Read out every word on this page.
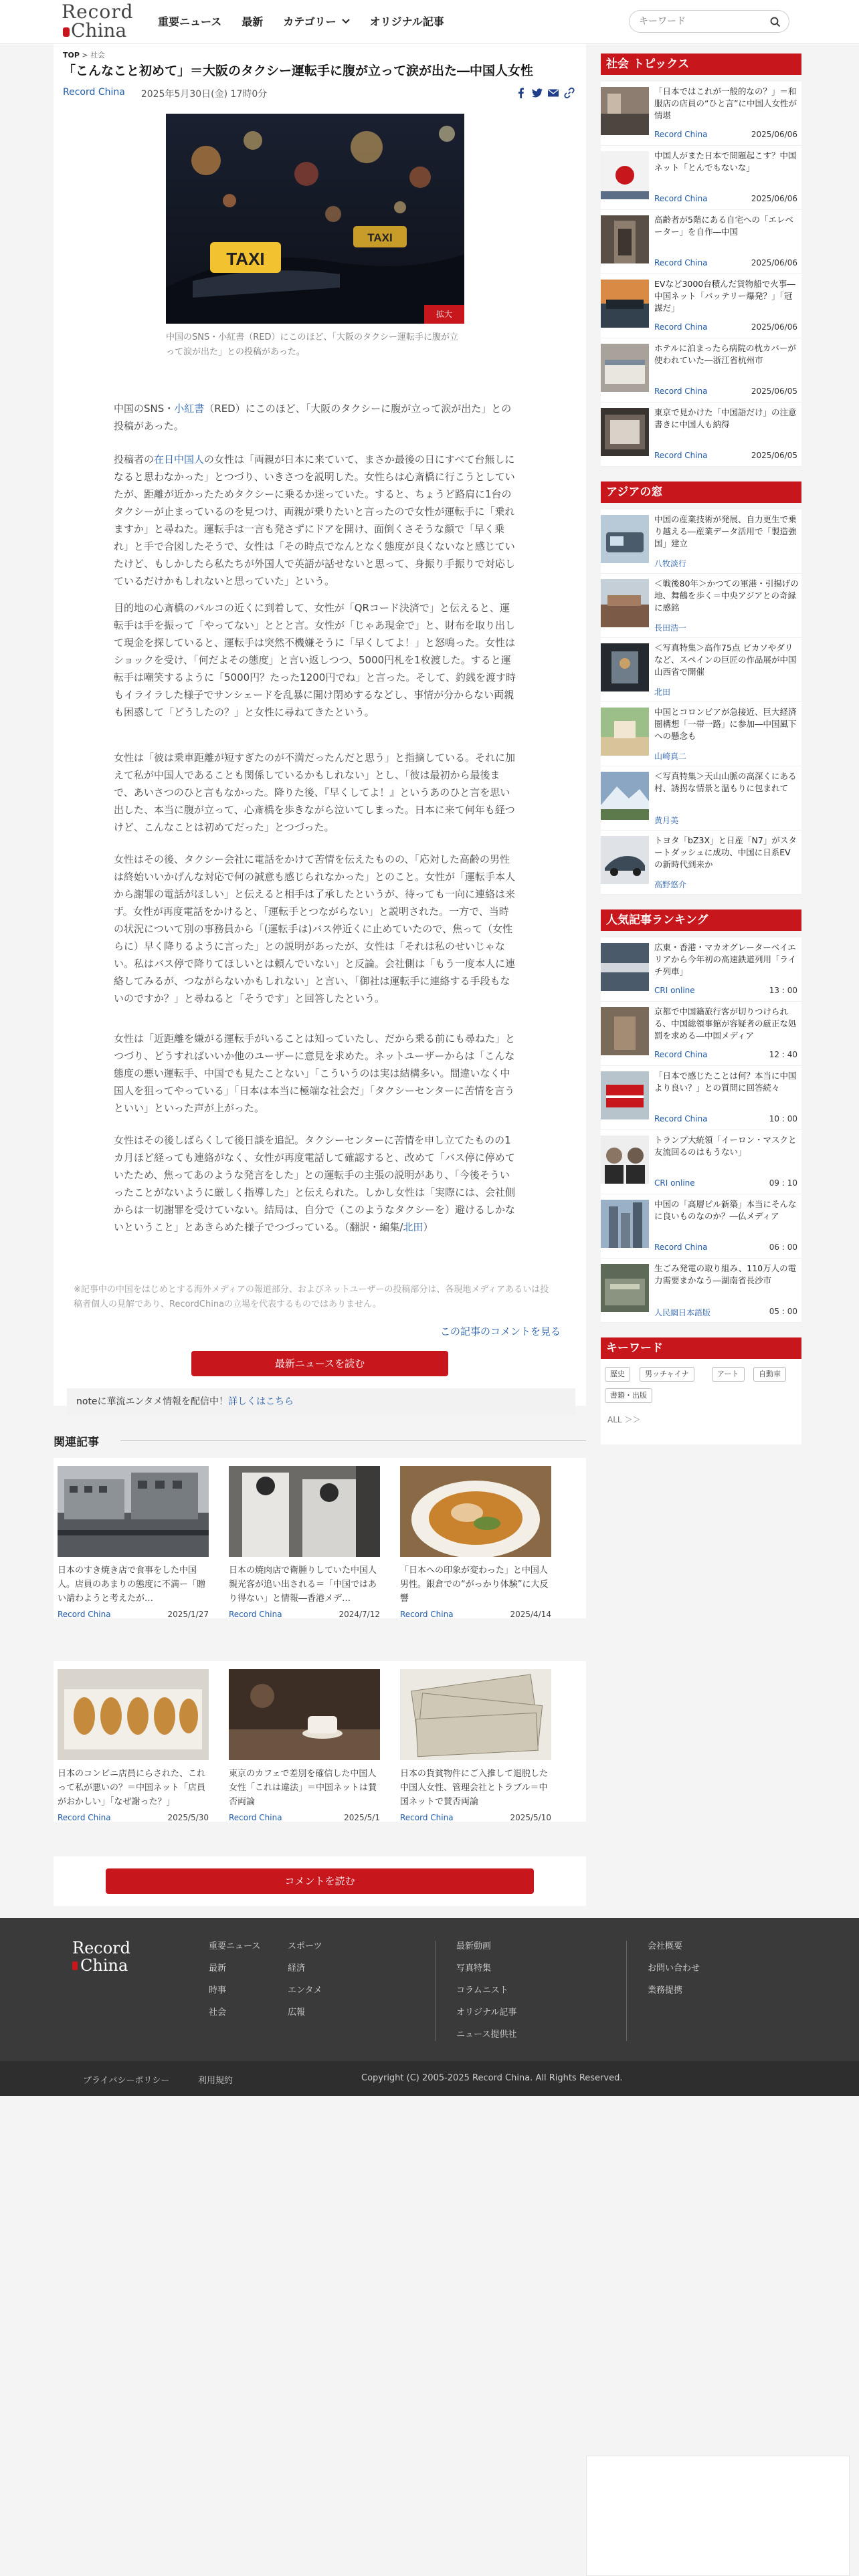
Record
China	重要ニュース 最新 カテゴリー	オリジナル記事
キーワード
TOP > 社会
「こんなこと初めて」＝大阪のタクシー運転手に腹が立って涙が出た―中国人女性
Record China 2025年5月30日(金) 17時0分
TAXI
TAXI
拡大
中国のSNS・小紅書（RED）にこのほど、「大阪のタクシー運転手に腹が立って涙が出た」との投稿があった。
中国のSNS・小紅書（RED）にこのほど、「大阪のタクシーに腹が立って涙が出た」との投稿があった。
投稿者の在日中国人の女性は「両親が日本に来ていて、まさか最後の日にすべて台無しになると思わなかった」とつづり、いきさつを説明した。女性らは心斎橋に行こうとしていたが、距離が近かったためタクシーに乗るか迷っていた。すると、ちょうど路肩に1台のタクシーが止まっているのを見つけ、両親が乗りたいと言ったので女性が運転手に「乗れますか」と尋ねた。運転手は一言も発さずにドアを開け、面倒くさそうな顔で「早く乗れ」と手で合図したそうで、女性は「その時点でなんとなく態度が良くないなと感じていたけど、もしかしたら私たちが外国人で英語が話せないと思って、身振り手振りで対応しているだけかもしれないと思っていた」という。
目的地の心斎橋のパルコの近くに到着して、女性が「QRコード決済で」と伝えると、運転手は手を振って「やってない」ととと言。女性が「じゃあ現金で」と、財布を取り出して現金を探していると、運転手は突然不機嫌そうに「早くしてよ！」と怒鳴った。女性はショックを受け、「何だよその態度」と言い返しつつ、5000円札を1枚渡した。すると運転手は嘲笑するように「5000円？たった1200円でね」と言った。そして、釣銭を渡す時もイライラした様子でサンシェードを乱暴に開け閉めするなどし、事情が分からない両親も困惑して「どうしたの？」と女性に尋ねてきたという。
女性は「彼は乗車距離が短すぎたのが不満だったんだと思う」と指摘している。それに加えて私が中国人であることも関係しているかもしれない」とし、「彼は最初から最後まで、あいさつのひと言もなかった。降りた後、『早くしてよ！』というあのひと言を思い出した、本当に腹が立って、心斎橋を歩きながら泣いてしまった。日本に来て何年も経つけど、こんなことは初めてだった」とつづった。
女性はその後、タクシー会社に電話をかけて苦情を伝えたものの、「応対した高齢の男性は終始いいかげんな対応で何の誠意も感じられなかった」とのこと。女性が「運転手本人から謝罪の電話がほしい」と伝えると相手は了承したというが、待っても一向に連絡は来ず。女性が再度電話をかけると、「運転手とつながらない」と説明された。一方で、当時の状況について別の事務員から「(運転手は)バス停近くに止めていたので、焦って（女性らに）早く降りるように言った」との説明があったが、女性は「それは私のせいじゃない。私はバス停で降りてほしいとは頼んでいない」と反論。会社側は「もう一度本人に連絡してみるが、つながらないかもしれない」と言い、「御社は運転手に連絡する手段もないのですか？」と尋ねると「そうです」と回答したという。
女性は「近距離を嫌がる運転手がいることは知っていたし、だから乗る前にも尋ねた」とつづり、どうすればいいか他のユーザーに意見を求めた。ネットユーザーからは「こんな態度の悪い運転手、中国でも見たことない」「こういうのは実は結構多い。間違いなく中国人を狙ってやっている」「日本は本当に極端な社会だ」「タクシーセンターに苦情を言うといい」といった声が上がった。
女性はその後しばらくして後日談を追記。タクシーセンターに苦情を申し立てたものの1カ月ほど経っても連絡がなく、女性が再度電話して確認すると、改めて「バス停に停めていたため、焦ってあのような発言をした」との運転手の主張の説明があり、「今後そういったことがないように厳しく指導した」と伝えられた。しかし女性は「実際には、会社側からは一切謝罪を受けていない。結局は、自分で（このようなタクシーを）避けるしかないということ」とあきらめた様子でつづっている。（翻訳・編集/北田）
※記事中の中国をはじめとする海外メディアの報道部分、およびネットユーザーの投稿部分は、各現地メディアあるいは投稿者個人の見解であり、RecordChinaの立場を代表するものではありません。
この記事のコメントを見る
最新ニュースを読む
noteに華流エンタメ情報を配信中！詳しくはこちら
関連記事
日本のすき焼き店で食事をした中国人。店員のあまりの態度に不満ー「贈い請わようと考えたが…
Record China	2025/1/27
日本の焼肉店で衛腫りしていた中国人親光客が追い出される＝「中国ではあり得ない」と情報―香港メデ…
Record China	2024/7/12
「日本への印象が変わった」と中国人男性。銀倉での“がっかり体験”に大反響
Record China	2025/4/14
日本のコンビニ店員にらされた、これって私が悪いの？＝中国ネット「店員がおかしい」「なぜ謝った？」
Record China	2025/5/30
東京のカフェで差別を確信した中国人女性「これは違法」＝中国ネットは賛否両論
Record China	2025/5/1
日本の貨貧物件にご入推して退脱した中国人女性、管理会社とトラブル＝中国ネットで賛否両論
Record China	2025/5/10
コメントを読む
社会 トピックス
「日本ではこれが一般的なの？」＝和服店の店員の“ひと言”に中国人女性が情堪
Record China	2025/06/06
中国人がまた日本で問題起こす？中国ネット「とんでもないな」
Record China	2025/06/06
高齢者が5階にある自宅への「エレベーター」を自作―中国
Record China	2025/06/06
EVなど3000台積んだ貨物船で火事―中国ネット「バッテリー爆発？」「冠謀だ」
Record China	2025/06/06
ホテルに泊まったら病院の枕カバーが使われていた―浙江省杭州市
Record China	2025/06/05
東京で見かけた「中国語だけ」の注意書きに中国人も納得
Record China	2025/06/05
アジアの窓
中国の産業技術が発展、自力更生で乗り越える―産業データ活用で「製造強国」建立
八牧淡行
＜戦後80年＞かつての軍港・引揚げの地、舞鶴を歩く＝中央アジアとの奇縁に感銘
長田浩一
＜写真特集＞高作75点 ビカソやダリなど、スペインの巨匠の作品展が中国山西省で開催
北田
中国とコロンビアが急接近、巨大経済圏構想「一帯一路」に参加―中国風下への懸念も
山崎真二
＜写真特集＞天山山脈の高深くにある村、誘拐な情景と温もりに包まれて
黄月美
トヨタ「bZ3X」と日産「N7」がスタートダッシュに成功、中国に日系EVの新時代到来か
高野悠介
人気記事ランキング
広東・香港・マカオグレーターベイエリアから今年初の高速鉄道列用「ライチ列車」
CRI online	13 : 00
京都で中国籍旅行客が切りつけられる、中国総領事館が容疑者の厳正な処罰を求める―中国メディア
Record China	12 : 40
「日本で感じたことは何？本当に中国より良い？」との質問に回答続々
Record China	10 : 00
トランプ大統領「イーロン・マスクと友流回るのはもうない」
CRI online	09 : 10
中国の「高層ビル新築」本当にそんなに良いものなのか？―仏メディア
Record China	06 : 00
生ごみ発電の取り組み、110万人の電力需要まかなう―湖南省長沙市
人民網日本語版	05 : 00
キーワード
歴史	男ッチャイナ	アート	自動車
書籍・出版
ALL ＞＞
Record
China
重要ニュース
最新
時事
社会
スポーツ
経済
エンタメ
広報
最新動画
写真特集
コラムニスト
オリジナル記事
ニュース提供社
会社概要
お問い合わせ
業務提携
プライバシーポリシー	利用規約	Copyright (C) 2005-2025 Record China. All Rights Reserved.
